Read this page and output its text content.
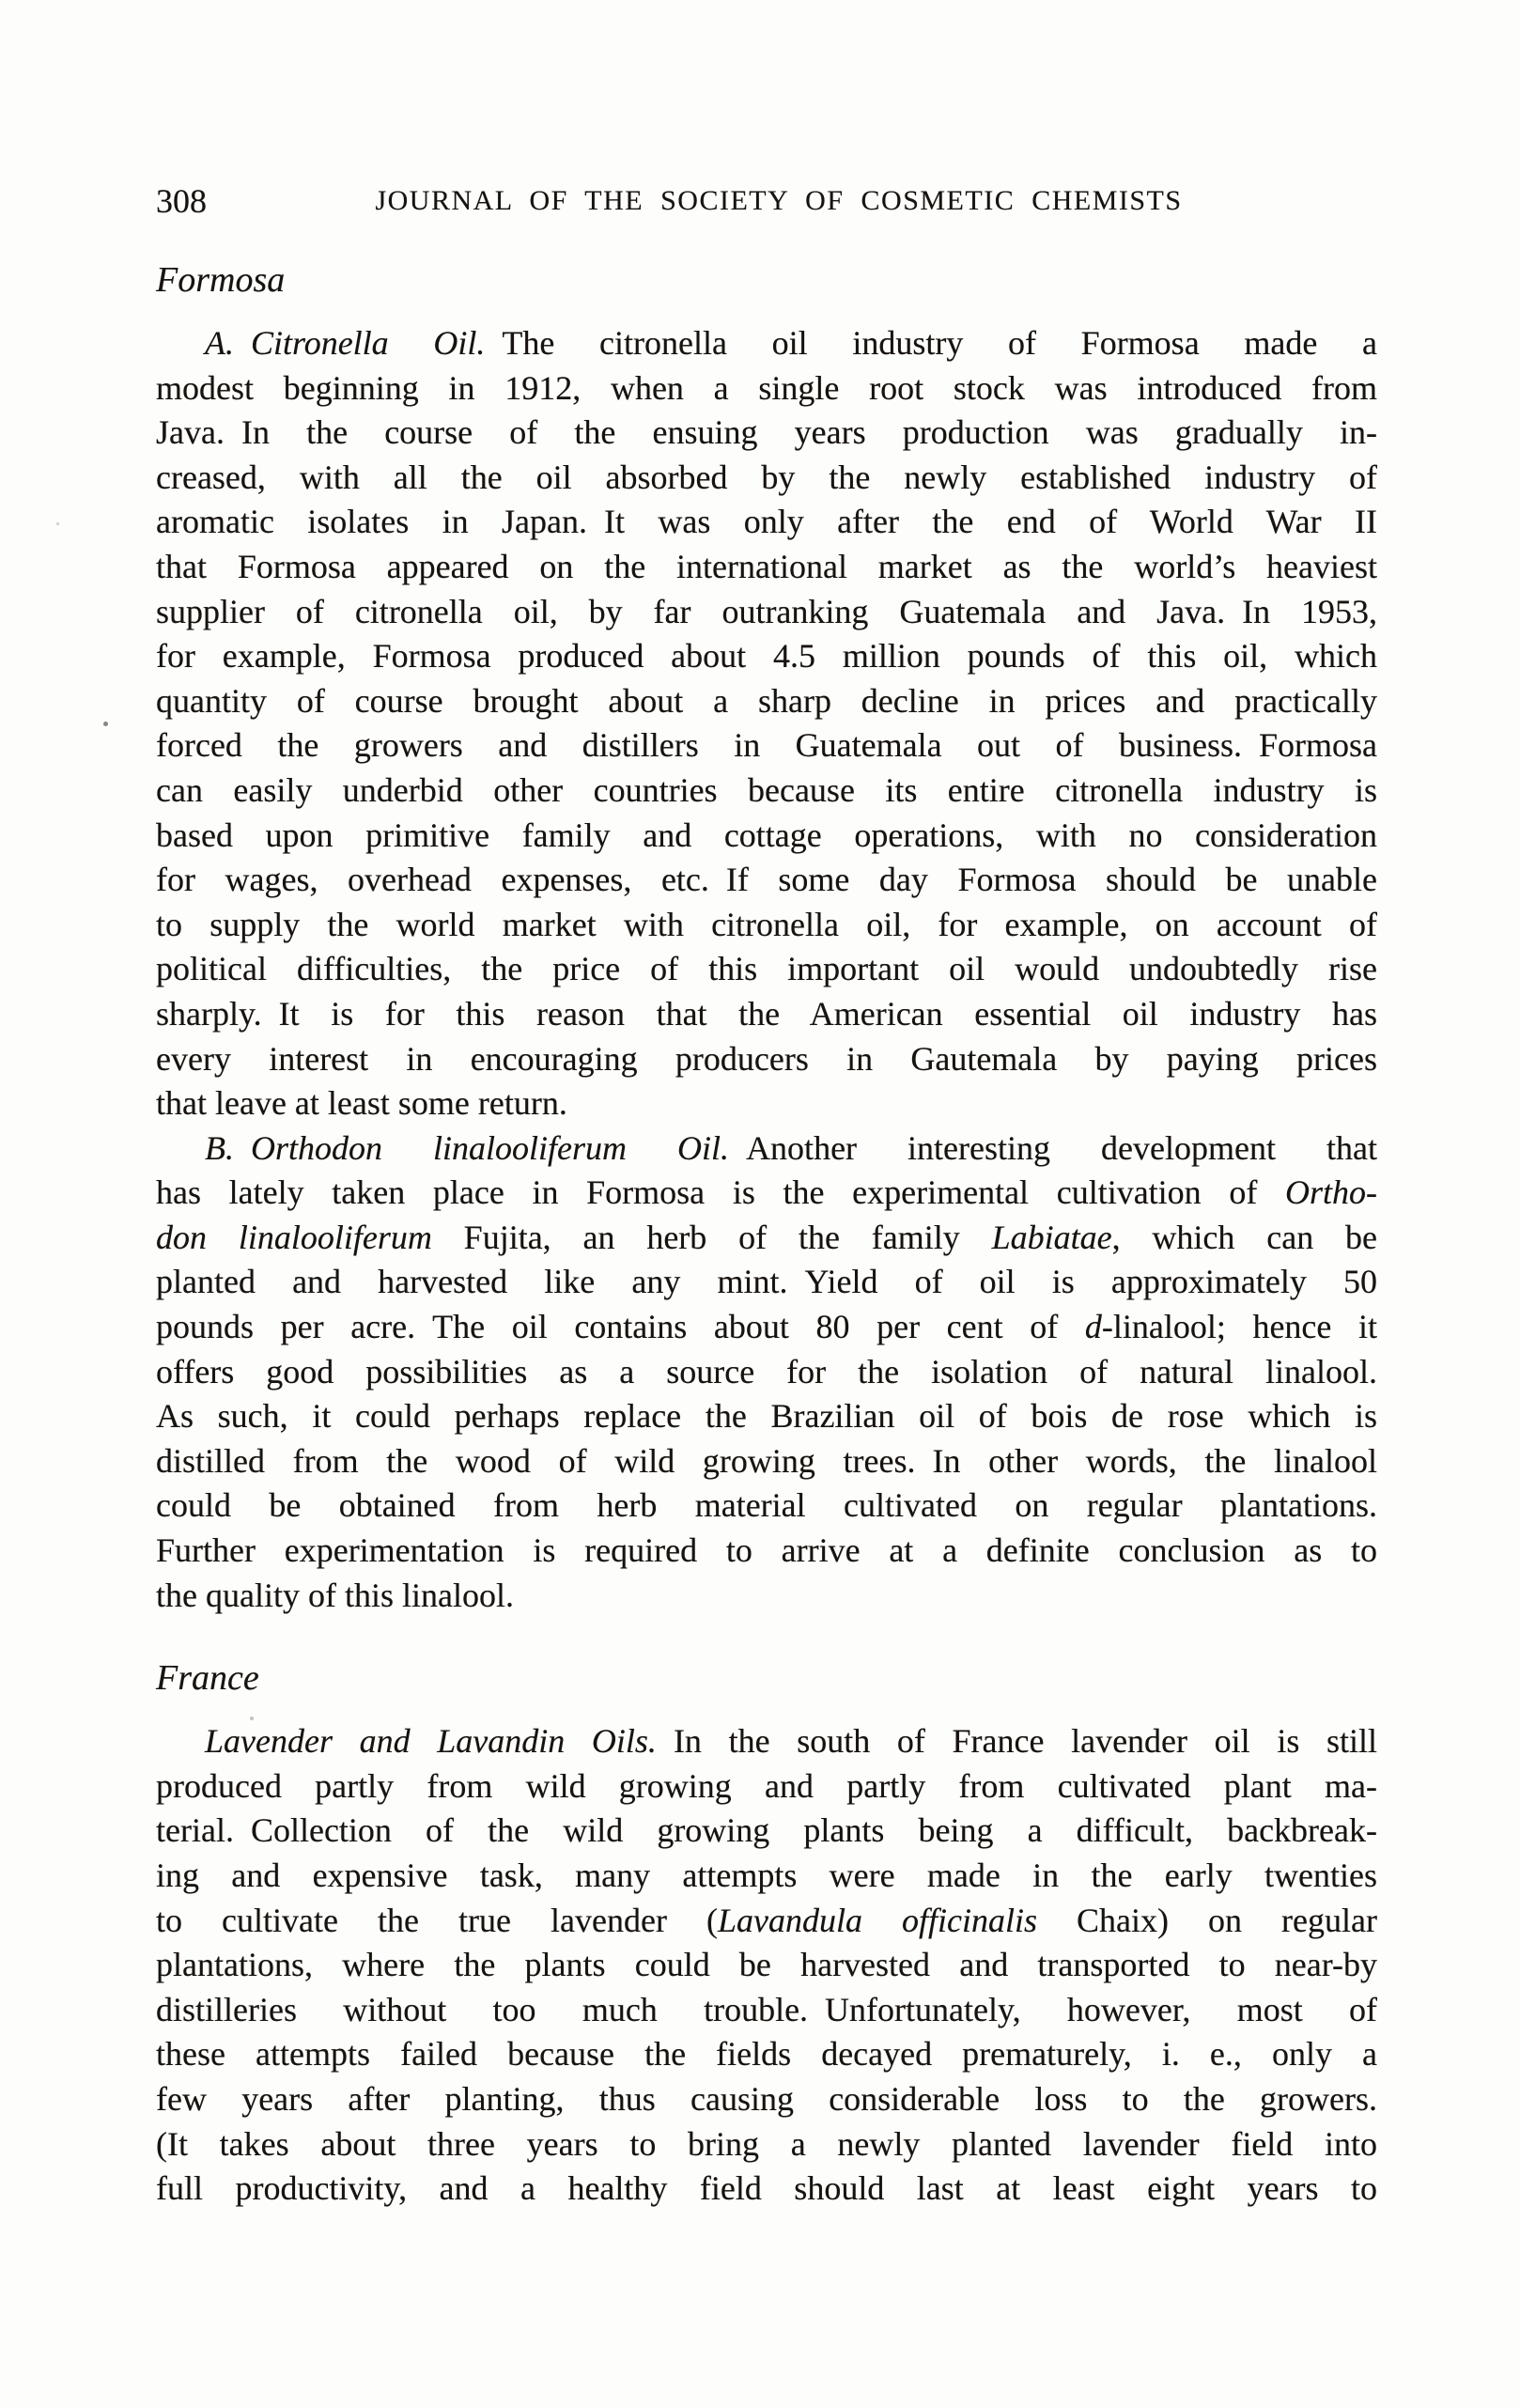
308	JOURNAL OF THE SOCIETY OF COSMETIC CHEMISTS
Formosa
A. Citronella Oil. The citronella oil industry of Formosa made a
modest beginning in 1912, when a single root stock was introduced from
Java. In the course of the ensuing years production was gradually in-
creased, with all the oil absorbed by the newly established industry of
aromatic isolates in Japan. It was only after the end of World War II
that Formosa appeared on the international market as the world’s heaviest
supplier of citronella oil, by far outranking Guatemala and Java. In 1953,
for example, Formosa produced about 4.5 million pounds of this oil, which
quantity of course brought about a sharp decline in prices and practically
forced the growers and distillers in Guatemala out of business. Formosa
can easily underbid other countries because its entire citronella industry is
based upon primitive family and cottage operations, with no consideration
for wages, overhead expenses, etc. If some day Formosa should be unable
to supply the world market with citronella oil, for example, on account of
political difficulties, the price of this important oil would undoubtedly rise
sharply. It is for this reason that the American essential oil industry has
every interest in encouraging producers in Gautemala by paying prices
that leave at least some return.
B. Orthodon linalooliferum Oil. Another interesting development that
has lately taken place in Formosa is the experimental cultivation of Ortho-
don linalooliferum Fujita, an herb of the family Labiatae, which can be
planted and harvested like any mint. Yield of oil is approximately 50
pounds per acre. The oil contains about 80 per cent of d-linalool; hence it
offers good possibilities as a source for the isolation of natural linalool.
As such, it could perhaps replace the Brazilian oil of bois de rose which is
distilled from the wood of wild growing trees. In other words, the linalool
could be obtained from herb material cultivated on regular plantations.
Further experimentation is required to arrive at a definite conclusion as to
the quality of this linalool.
France
Lavender and Lavandin Oils. In the south of France lavender oil is still
produced partly from wild growing and partly from cultivated plant ma-
terial. Collection of the wild growing plants being a difficult, backbreak-
ing and expensive task, many attempts were made in the early twenties
to cultivate the true lavender (Lavandula officinalis Chaix) on regular
plantations, where the plants could be harvested and transported to near-by
distilleries without too much trouble. Unfortunately, however, most of
these attempts failed because the fields decayed prematurely, i. e., only a
few years after planting, thus causing considerable loss to the growers.
(It takes about three years to bring a newly planted lavender field into
full productivity, and a healthy field should last at least eight years to
